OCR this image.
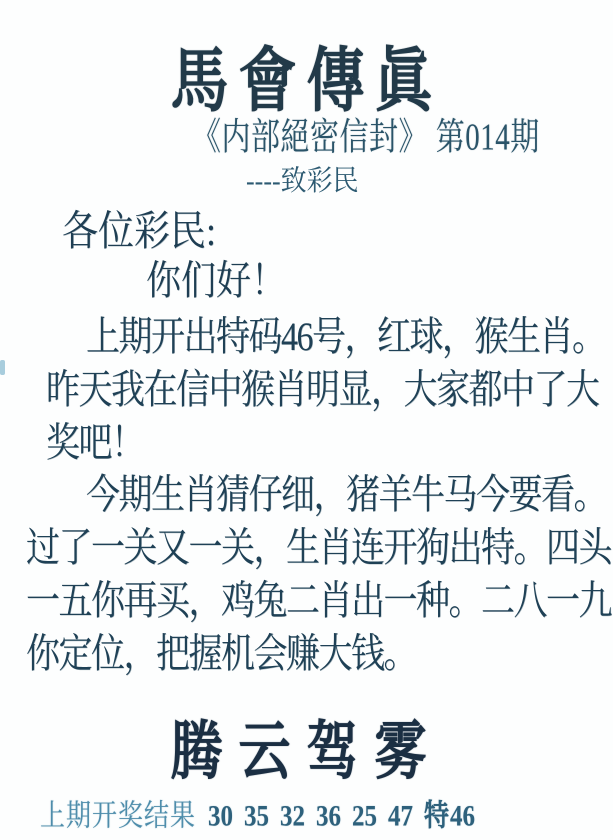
馬會傳眞
《内部絕密信封》 第014期
----致彩民
各位彩民:
你们好！
上期开出特码46号，红球，猴生肖。
昨天我在信中猴肖明显，大家都中了大
奖吧！
今期生肖猜仔细，猪羊牛马今要看。
过了一关又一关，生肖连开狗出特。四头
一五你再买，鸡兔二肖出一种。二八一九
你定位，把握机会赚大钱。
腾云驾雾
上期开奖结果 30 35 32 36 25 47 特 46
